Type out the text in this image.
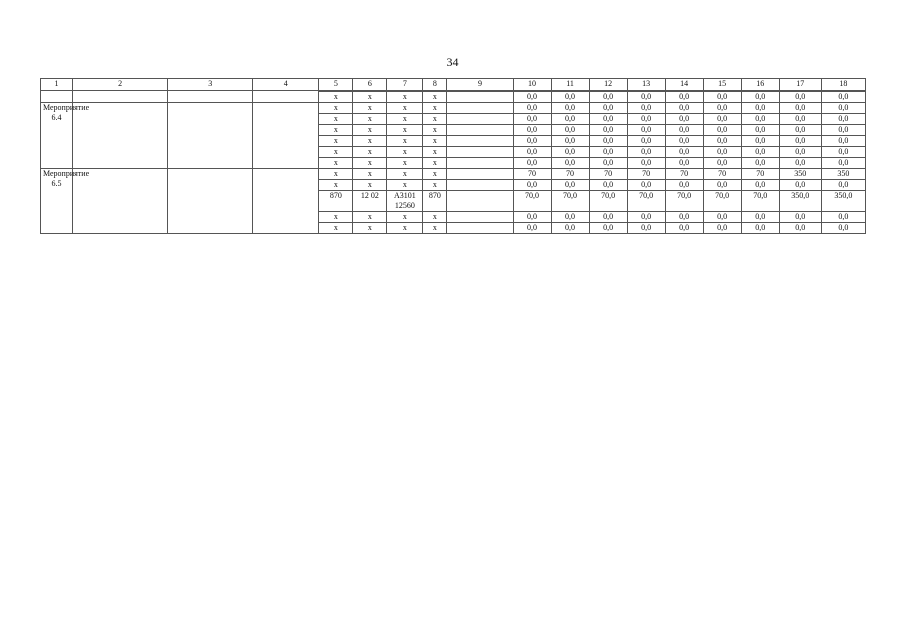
34
1	2	3	4	5	6	7	8	9	10	11	12	13	14	15	16	17	18

				x	x	x	x		0,0	0,0	0,0	0,0	0,0	0,0	0,0	0,0	0,0
Мероприятие 6.4				x	x	x	x		0,0	0,0	0,0	0,0	0,0	0,0	0,0	0,0	0,0
				x	x	x	x		0,0	0,0	0,0	0,0	0,0	0,0	0,0	0,0	0,0
				x	x	x	x		0,0	0,0	0,0	0,0	0,0	0,0	0,0	0,0	0,0
				x	x	x	x		0,0	0,0	0,0	0,0	0,0	0,0	0,0	0,0	0,0
				x	x	x	x		0,0	0,0	0,0	0,0	0,0	0,0	0,0	0,0	0,0
				x	x	x	x		0,0	0,0	0,0	0,0	0,0	0,0	0,0	0,0	0,0
Мероприятие 6.5				x	x	x	x		70	70	70	70	70	70	70	350	350
				x	x	x	x		0,0	0,0	0,0	0,0	0,0	0,0	0,0	0,0	0,0
				870	12 02	A3101 12560	870		70,0	70,0	70,0	70,0	70,0	70,0	70,0	350,0	350,0
				x	x	x	x		0,0	0,0	0,0	0,0	0,0	0,0	0,0	0,0	0,0
				x	x	x	x		0,0	0,0	0,0	0,0	0,0	0,0	0,0	0,0	0,0
